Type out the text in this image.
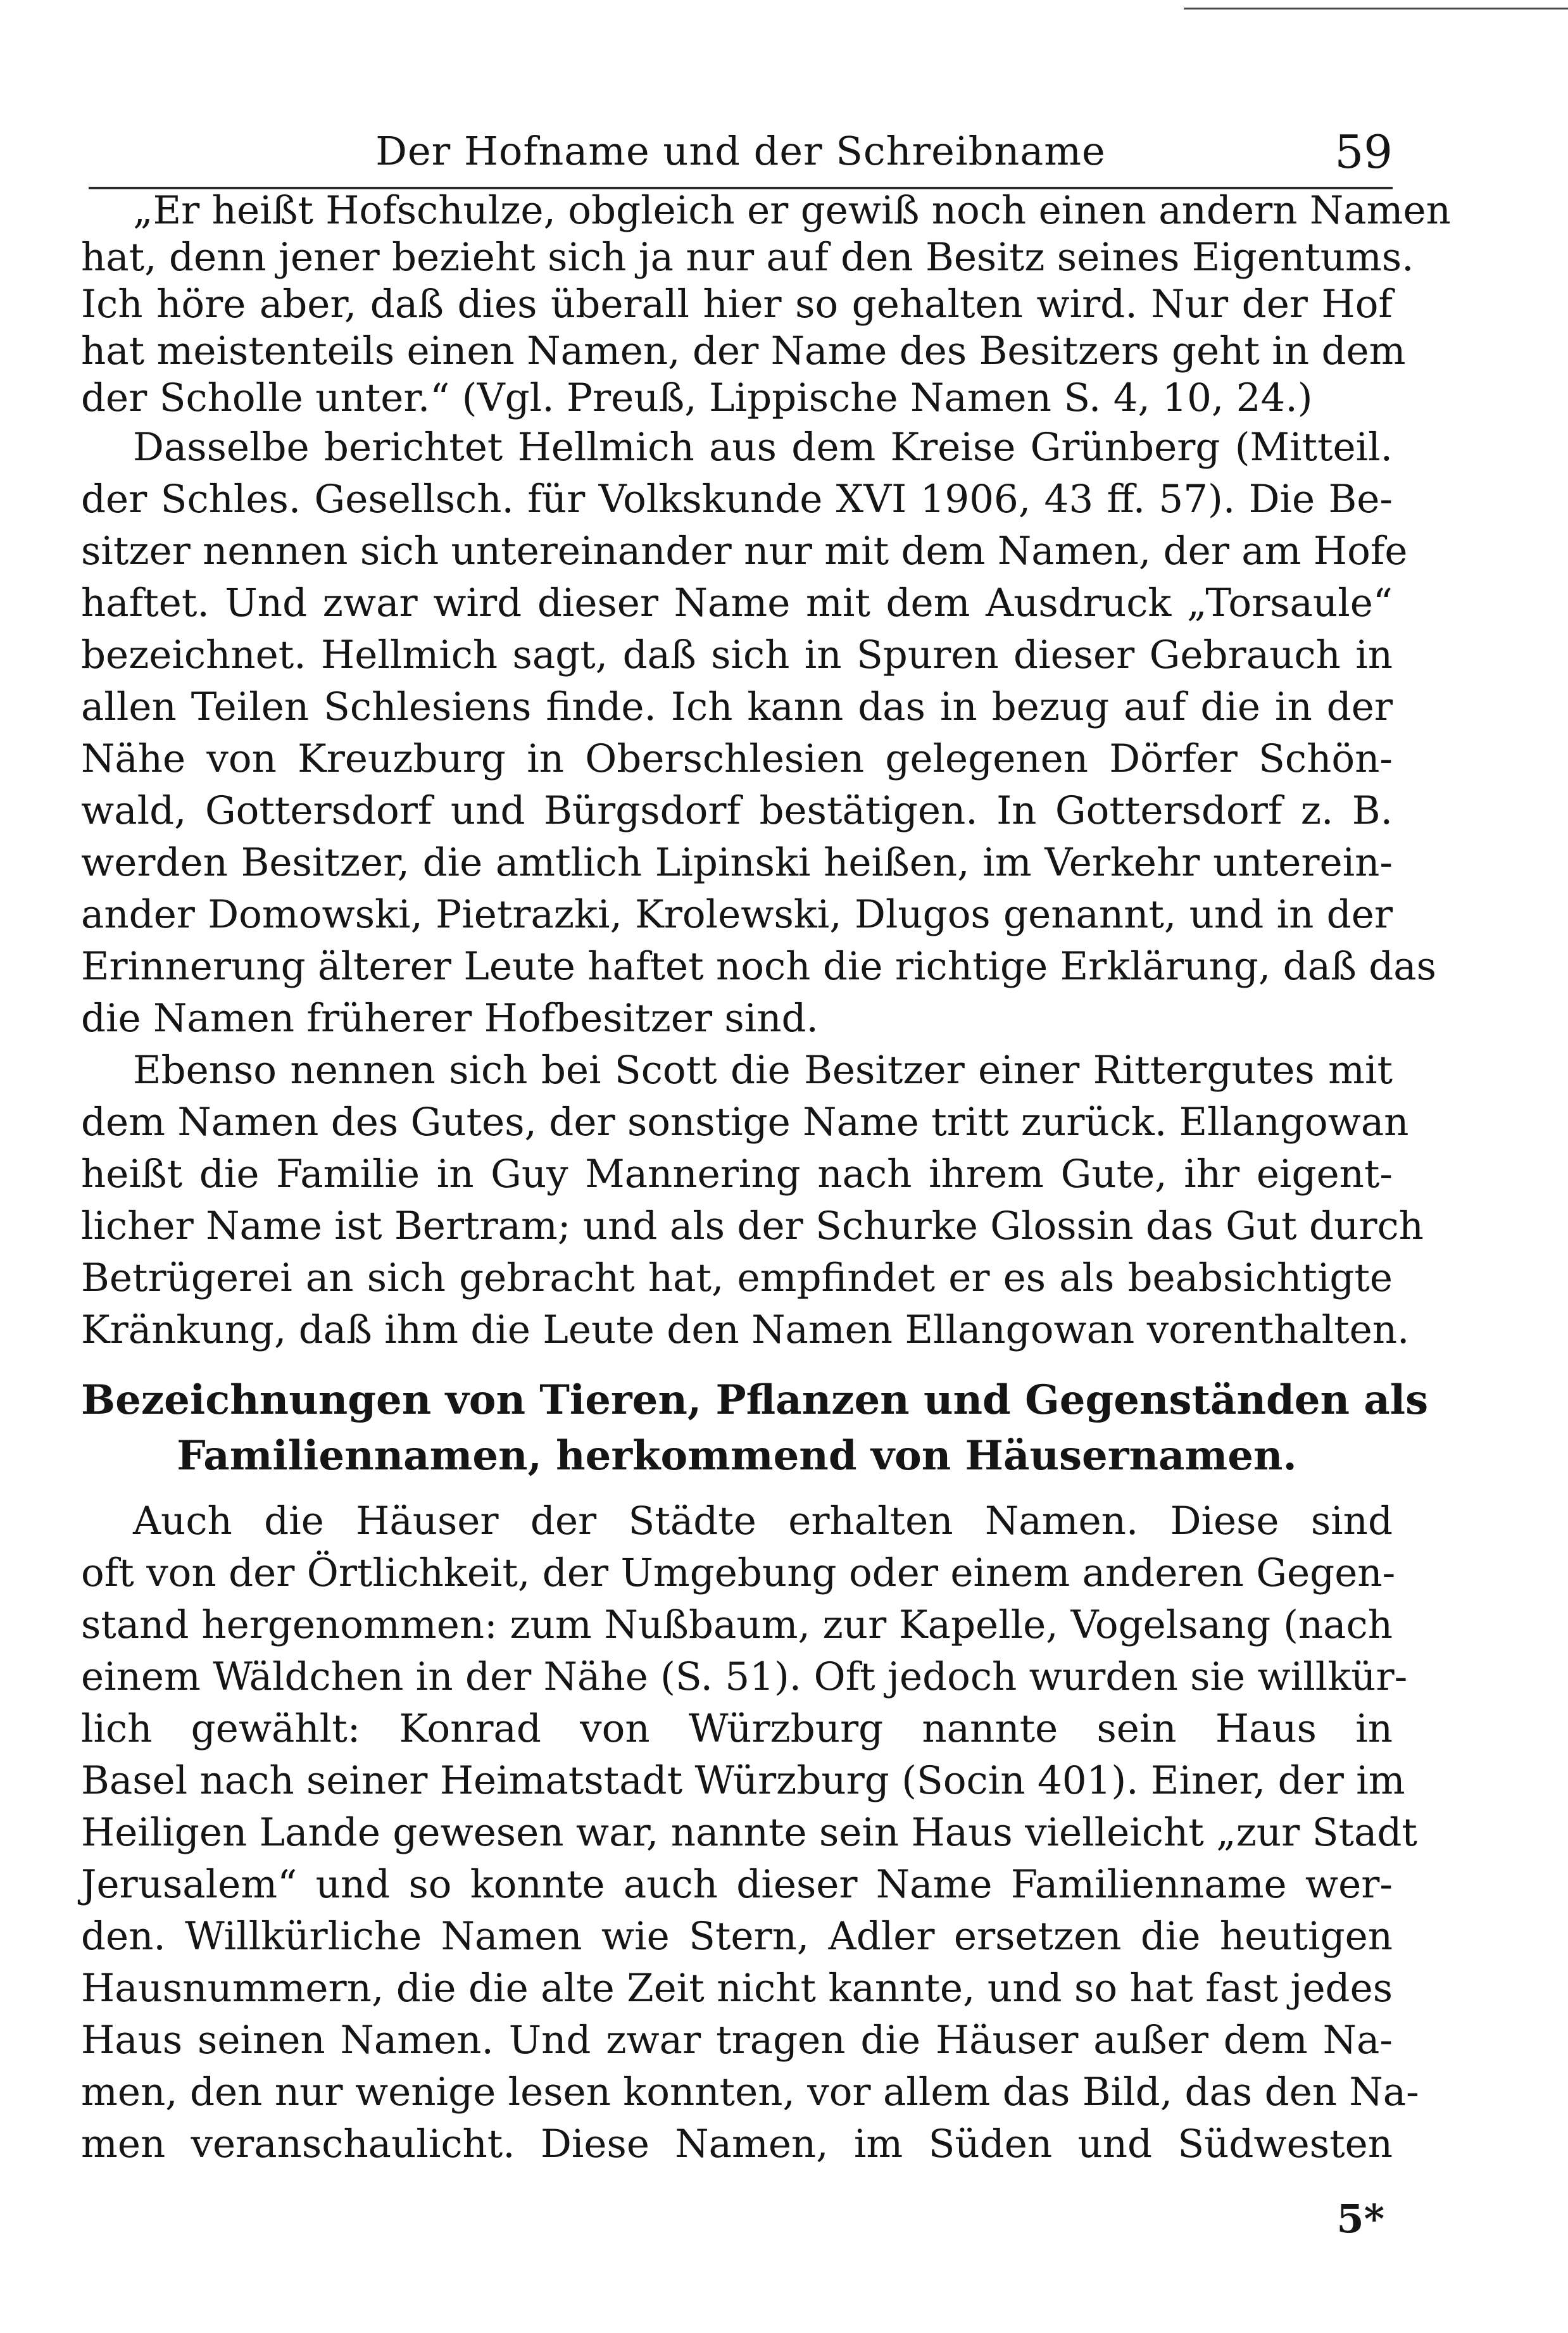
Der Hofname und der Schreibname	59
„Er heißt Hofschulze, obgleich er gewiß noch einen andern Namen
hat, denn jener bezieht sich ja nur auf den Besitz seines Eigentums.
Ich höre aber, daß dies überall hier so gehalten wird. Nur der Hof
hat meistenteils einen Namen, der Name des Besitzers geht in dem
der Scholle unter.“ (Vgl. Preuß, Lippische Namen S. 4, 10, 24.)
Dasselbe berichtet Hellmich aus dem Kreise Grünberg (Mitteil.
der Schles. Gesellsch. für Volkskunde XVI 1906, 43 ff. 57). Die Be-
sitzer nennen sich untereinander nur mit dem Namen, der am Hofe
haftet. Und zwar wird dieser Name mit dem Ausdruck „Torsaule“
bezeichnet. Hellmich sagt, daß sich in Spuren dieser Gebrauch in
allen Teilen Schlesiens finde. Ich kann das in bezug auf die in der
Nähe von Kreuzburg in Oberschlesien gelegenen Dörfer Schön-
wald, Gottersdorf und Bürgsdorf bestätigen. In Gottersdorf z. B.
werden Besitzer, die amtlich Lipinski heißen, im Verkehr unterein-
ander Domowski, Pietrazki, Krolewski, Dlugos genannt, und in der
Erinnerung älterer Leute haftet noch die richtige Erklärung, daß das
die Namen früherer Hofbesitzer sind.
Ebenso nennen sich bei Scott die Besitzer einer Rittergutes mit
dem Namen des Gutes, der sonstige Name tritt zurück. Ellangowan
heißt die Familie in Guy Mannering nach ihrem Gute, ihr eigent-
licher Name ist Bertram; und als der Schurke Glossin das Gut durch
Betrügerei an sich gebracht hat, empfindet er es als beabsichtigte
Kränkung, daß ihm die Leute den Namen Ellangowan vorenthalten.
Bezeichnungen von Tieren, Pflanzen und Gegenständen als
Familiennamen, herkommend von Häusernamen.
Auch die Häuser der Städte erhalten Namen. Diese sind
oft von der Örtlichkeit, der Umgebung oder einem anderen Gegen-
stand hergenommen: zum Nußbaum, zur Kapelle, Vogelsang (nach
einem Wäldchen in der Nähe (S. 51). Oft jedoch wurden sie willkür-
lich gewählt: Konrad von Würzburg nannte sein Haus in
Basel nach seiner Heimatstadt Würzburg (Socin 401). Einer, der im
Heiligen Lande gewesen war, nannte sein Haus vielleicht „zur Stadt
Jerusalem“ und so konnte auch dieser Name Familienname wer-
den. Willkürliche Namen wie Stern, Adler ersetzen die heutigen
Hausnummern, die die alte Zeit nicht kannte, und so hat fast jedes
Haus seinen Namen. Und zwar tragen die Häuser außer dem Na-
men, den nur wenige lesen konnten, vor allem das Bild, das den Na-
men veranschaulicht. Diese Namen, im Süden und Südwesten
5*
